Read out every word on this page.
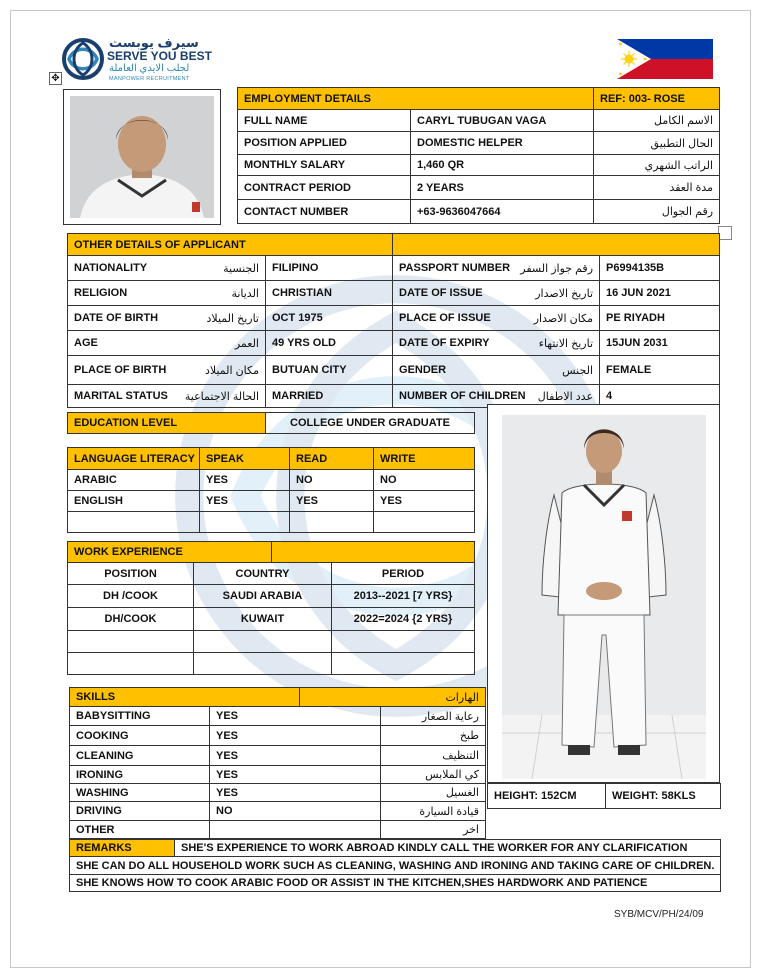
سيرف يوبست
SERVE YOU BEST
لجلب الايدي العاملة
MANPOWER RECRUITMENT
✥
EMPLOYMENT DETAILS		REF: 003- ROSE
FULL NAME	CARYL TUBUGAN VAGA	الاسم الكامل
POSITION APPLIED	DOMESTIC HELPER	الحال التطبيق
MONTHLY SALARY	1,460 QR	الراتب الشهري
CONTRACT PERIOD	2 YEARS	مدة العقد
CONTACT NUMBER	+63-9636047664	رقم الجوال
OTHER DETAILS OF APPLICANT			

NATIONALITY الجنسية	FILIPINO	PASSPORT NUMBER رقم جواز السفر	P6994135B

RELIGION الديانة	CHRISTIAN	DATE OF ISSUE تاريخ الاصدار	16 JUN 2021

DATE OF BIRTH تاريخ الميلاد	OCT 1975	PLACE OF ISSUE مكان الاصدار	PE RIYADH

AGE العمر	49 YRS OLD	DATE OF EXPIRY تاريخ الانتهاء	15JUN 2031

PLACE OF BIRTH مكان الميلاد	BUTUAN CITY	GENDER الجنس	FEMALE

MARITAL STATUS الحالة الاجتماعية	MARRIED	NUMBER OF CHILDREN عدد الاطفال	4
EDUCATION LEVEL	COLLEGE UNDER GRADUATE
LANGUAGE LITERACY	SPEAK	READ	WRITE
ARABIC	YES	NO	NO
ENGLISH	YES	YES	YES

WORK EXPERIENCE			
POSITION	COUNTRY		PERIOD
DH /COOK	SAUDI ARABIA		2013--2021 [7 YRS}
DH/COOK	KUWAIT		2022=2024 {2 YRS}

SKILLS		الهارات	
BABYSITTING	YES		رعاية الصغار
COOKING	YES		طبخ
CLEANING	YES		التنظيف
IRONING	YES		كي الملابس
WASHING	YES		الغسيل
DRIVING	NO		قيادة السيارة
OTHER			اخر
HEIGHT: 152CM	WEIGHT: 58KLS
REMARKS	SHE'S EXPERIENCE TO WORK ABROAD KINDLY CALL THE WORKER FOR ANY CLARIFICATION
SHE CAN DO ALL HOUSEHOLD WORK SUCH AS CLEANING, WASHING AND IRONING AND TAKING CARE OF CHILDREN.
SHE KNOWS HOW TO COOK ARABIC FOOD OR ASSIST IN THE KITCHEN,SHES HARDWORK AND PATIENCE
SYB/MCV/PH/24/09
